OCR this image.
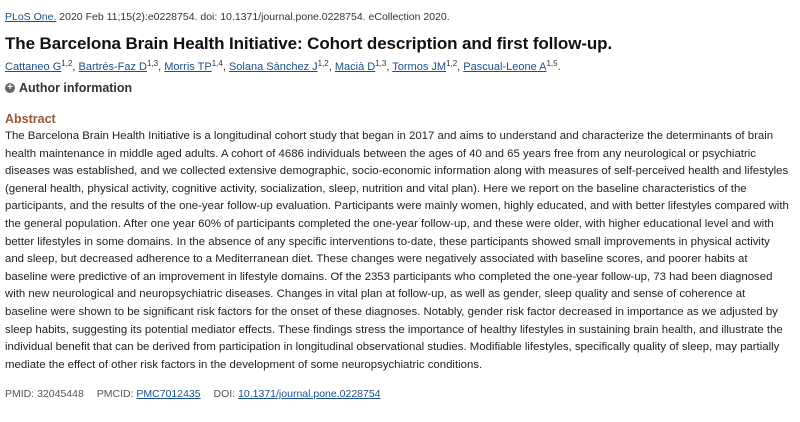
PLoS One. 2020 Feb 11;15(2):e0228754. doi: 10.1371/journal.pone.0228754. eCollection 2020.
The Barcelona Brain Health Initiative: Cohort description and first follow-up.
Cattaneo G$^{1,2}$, Bartrés-Faz D$^{1,3}$, Morris TP$^{1,4}$, Solana Sánchez J$^{1,2}$, Macià D$^{1,3}$, Tormos JM$^{1,2}$, Pascual-Leone A$^{1,5}$.
+ Author information
Abstract
The Barcelona Brain Health Initiative is a longitudinal cohort study that began in 2017 and aims to understand and characterize the determinants of brain health maintenance in middle aged adults. A cohort of 4686 individuals between the ages of 40 and 65 years free from any neurological or psychiatric diseases was established, and we collected extensive demographic, socio-economic information along with measures of self-perceived health and lifestyles (general health, physical activity, cognitive activity, socialization, sleep, nutrition and vital plan). Here we report on the baseline characteristics of the participants, and the results of the one-year follow-up evaluation. Participants were mainly women, highly educated, and with better lifestyles compared with the general population. After one year 60% of participants completed the one-year follow-up, and these were older, with higher educational level and with better lifestyles in some domains. In the absence of any specific interventions to-date, these participants showed small improvements in physical activity and sleep, but decreased adherence to a Mediterranean diet. These changes were negatively associated with baseline scores, and poorer habits at baseline were predictive of an improvement in lifestyle domains. Of the 2353 participants who completed the one-year follow-up, 73 had been diagnosed with new neurological and neuropsychiatric diseases. Changes in vital plan at follow-up, as well as gender, sleep quality and sense of coherence at baseline were shown to be significant risk factors for the onset of these diagnoses. Notably, gender risk factor decreased in importance as we adjusted by sleep habits, suggesting its potential mediator effects. These findings stress the importance of healthy lifestyles in sustaining brain health, and illustrate the individual benefit that can be derived from participation in longitudinal observational studies. Modifiable lifestyles, specifically quality of sleep, may partially mediate the effect of other risk factors in the development of some neuropsychiatric conditions.
PMID: 32045448 PMCID: PMC7012435 DOI: 10.1371/journal.pone.0228754
